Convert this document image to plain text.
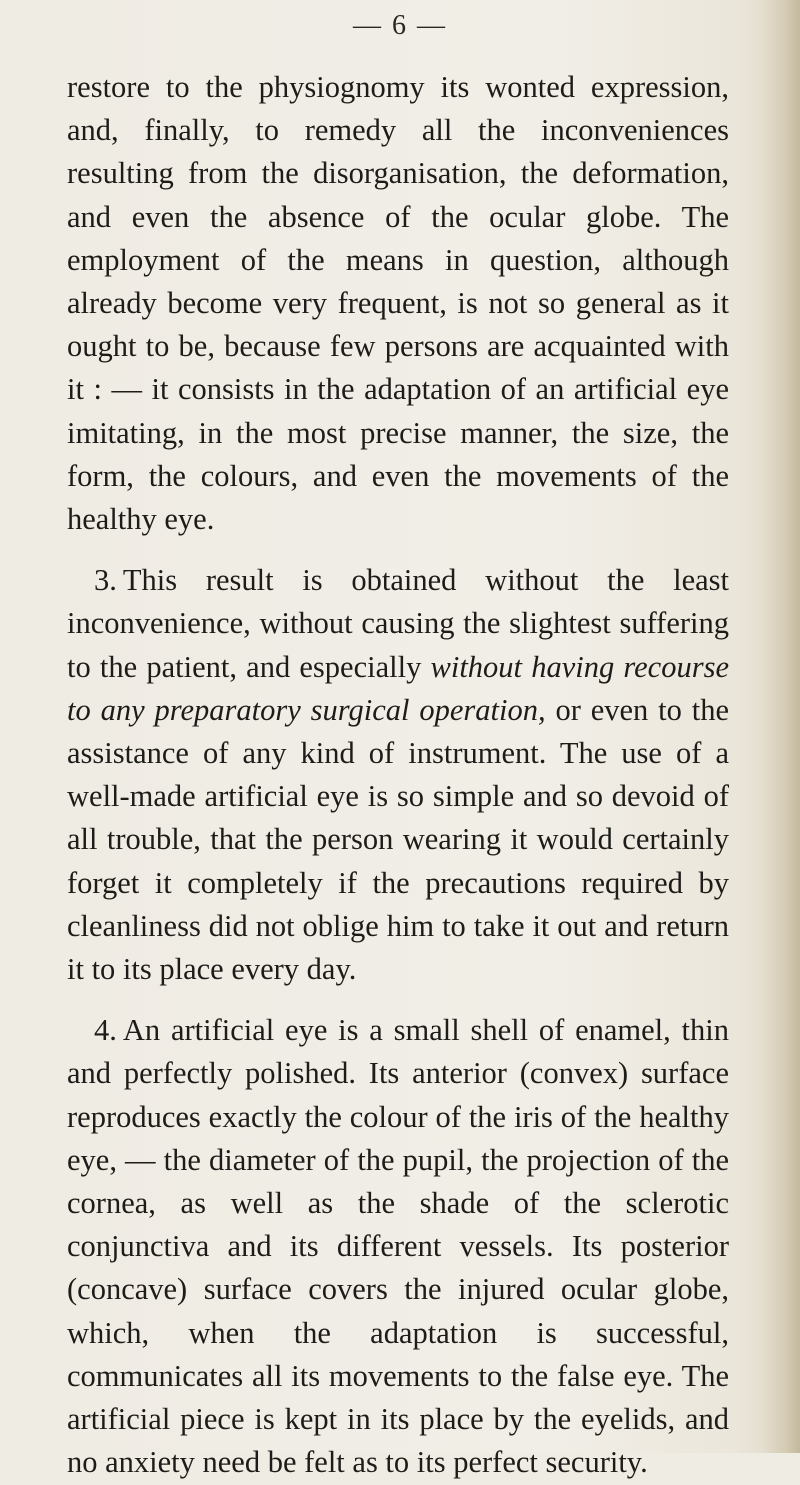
— 6 —

restore to the physiognomy its wonted expression, and, finally, to remedy all the inconveniences resulting from the disorganisation, the deformation, and even the absence of the ocular globe. The employment of the means in question, although already become very frequent, is not so general as it ought to be, because few persons are acquainted with it : — it consists in the adaptation of an artificial eye imitating, in the most precise manner, the size, the form, the colours, and even the movements of the healthy eye.

3. This result is obtained without the least inconvenience, without causing the slightest suffering to the patient, and especially without having recourse to any preparatory surgical operation, or even to the assistance of any kind of instrument. The use of a well-made artificial eye is so simple and so devoid of all trouble, that the person wearing it would certainly forget it completely if the precautions required by cleanliness did not oblige him to take it out and return it to its place every day.

4. An artificial eye is a small shell of enamel, thin and perfectly polished. Its anterior (convex) surface reproduces exactly the colour of the iris of the healthy eye, — the diameter of the pupil, the projection of the cornea, as well as the shade of the sclerotic conjunctiva and its different vessels. Its posterior (concave) surface covers the injured ocular globe, which, when the adaptation is successful, communicates all its movements to the false eye. The artificial piece is kept in its place by the eyelids, and no anxiety need be felt as to its perfect security.
